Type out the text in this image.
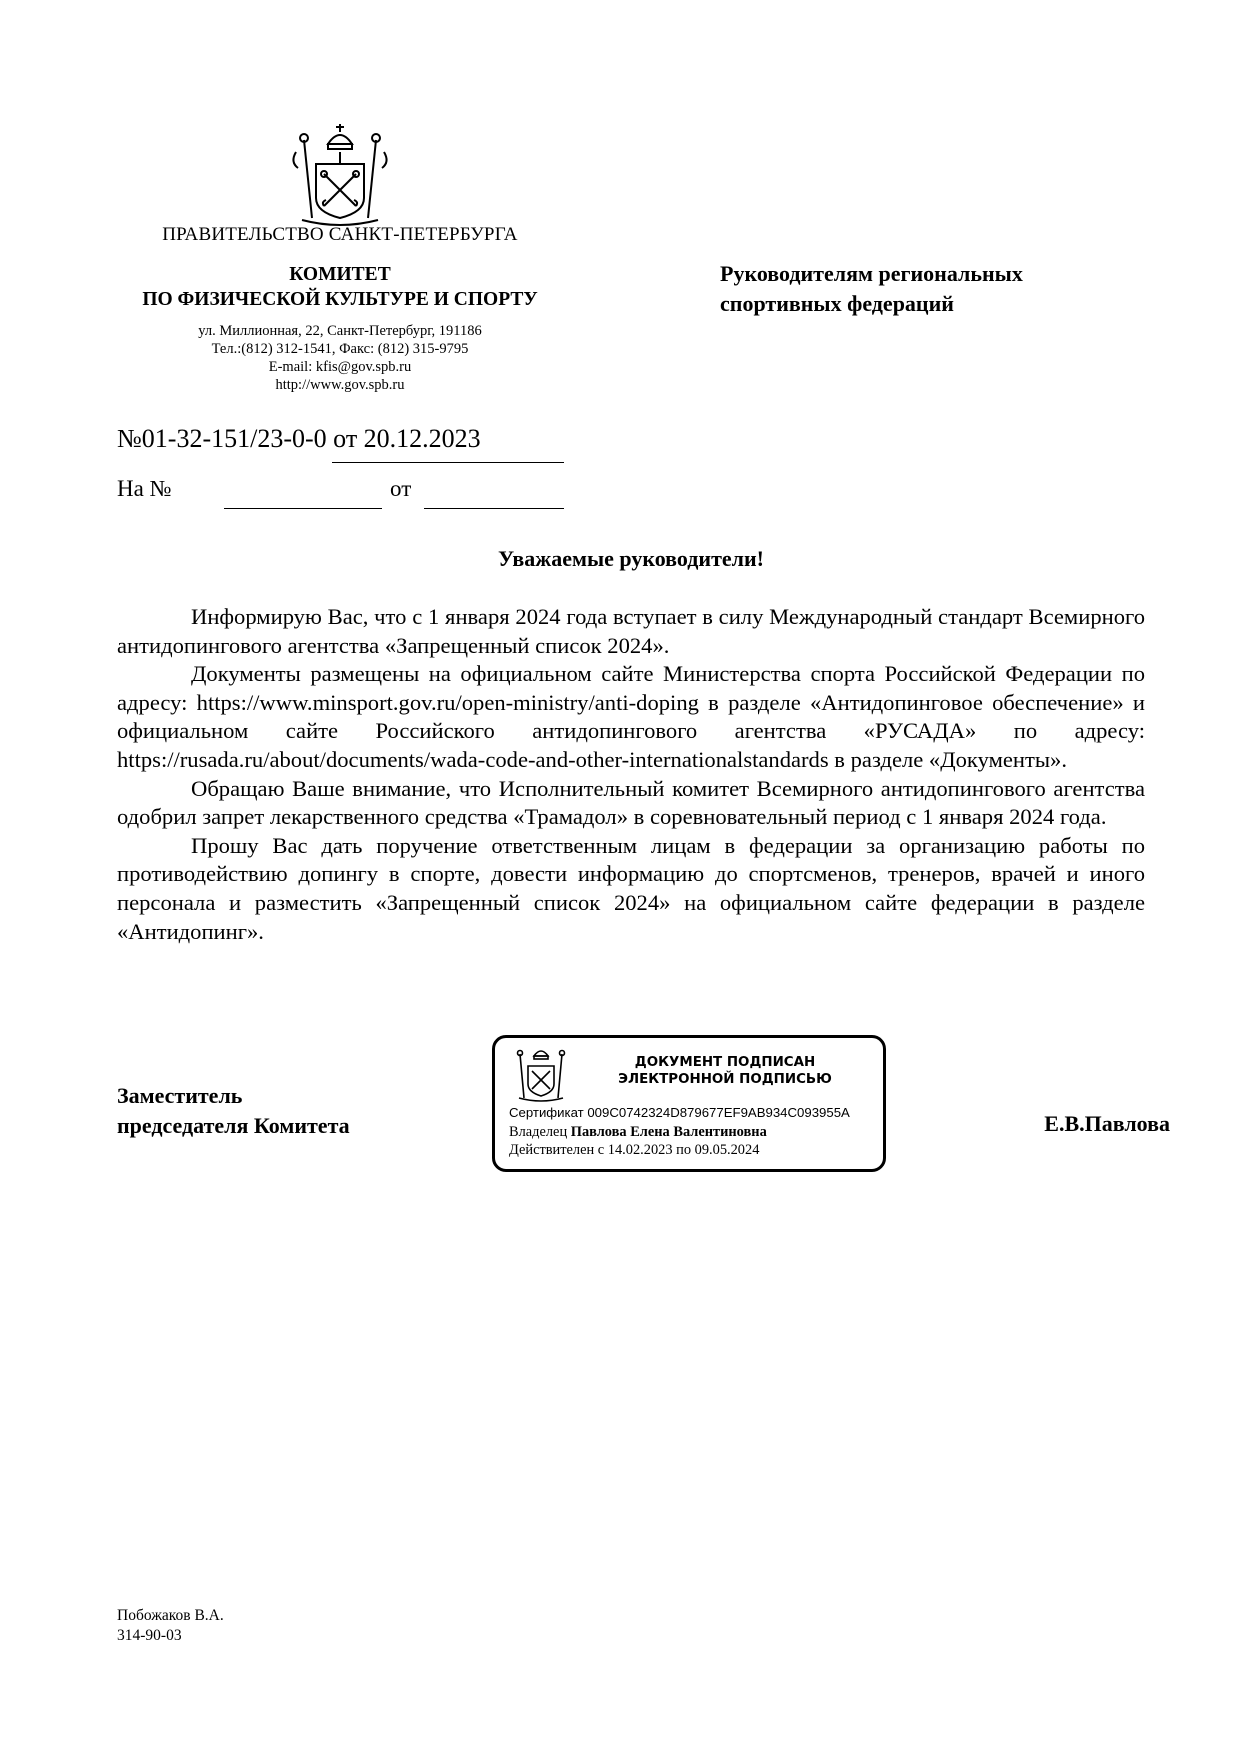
ПРАВИТЕЛЬСТВО САНКТ-ПЕТЕРБУРГА
КОМИТЕТ
ПО ФИЗИЧЕСКОЙ КУЛЬТУРЕ И СПОРТУ
ул. Миллионная, 22, Санкт-Петербург, 191186
Тел.:(812) 312-1541, Факс: (812) 315-9795
E-mail: kfis@gov.spb.ru
http://www.gov.spb.ru
Руководителям региональных
спортивных федераций
№01-32-151/23-0-0 от 20.12.2023
На №	от
Уважаемые руководители!

Информирую Вас, что с 1 января 2024 года вступает в силу Международный стандарт Всемирного антидопингового агентства «Запрещенный список 2024».

Документы размещены на официальном сайте Министерства спорта Российской Федерации по адресу: https://www.minsport.gov.ru/open-ministry/anti-doping в разделе «Антидопинговое обеспечение» и официальном сайте Российского антидопингового агентства «РУСАДА» по адресу: https://rusada.ru/about/documents/wada-code-and-other-internationalstandards в разделе «Документы».

Обращаю Ваше внимание, что Исполнительный комитет Всемирного антидопингового агентства одобрил запрет лекарственного средства «Трамадол» в соревновательный период с 1 января 2024 года.

Прошу Вас дать поручение ответственным лицам в федерации за организацию работы по противодействию допингу в спорте, довести информацию до спортсменов, тренеров, врачей и иного персонала и разместить «Запрещенный список 2024» на официальном сайте федерации в разделе «Антидопинг».

Заместитель
председателя Комитета
ДОКУМЕНТ ПОДПИСАН
ЭЛЕКТРОННОЙ ПОДПИСЬЮ
Сертификат 009C0742324D879677EF9AB934C093955A
Владелец Павлова Елена Валентиновна
Действителен с 14.02.2023 по 09.05.2024
Е.В.Павлова
Побожаков В.А.
314-90-03
